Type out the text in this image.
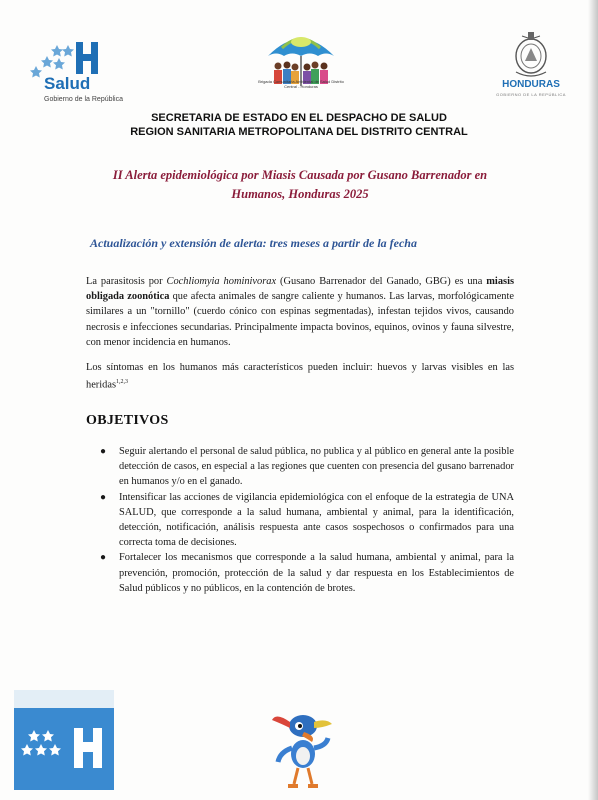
Salud
Gobierno de la República
Brigada Comunitaria Ambiental de Salud Distrito Central - Honduras	HONDURAS
GOBIERNO DE LA REPÚBLICA
SECRETARIA DE ESTADO EN EL DESPACHO DE SALUD
REGION SANITARIA METROPOLITANA DEL DISTRITO CENTRAL
II Alerta epidemiológica por Miasis Causada por Gusano Barrenador en
Humanos, Honduras 2025
Actualización y extensión de alerta: tres meses a partir de la fecha
La parasitosis por Cochliomyia hominivorax (Gusano Barrenador del Ganado, GBG) es una miasis obligada zoonótica que afecta animales de sangre caliente y humanos. Las larvas, morfológicamente similares a un "tornillo" (cuerdo cónico con espinas segmentadas), infestan tejidos vivos, causando necrosis e infecciones secundarias. Principalmente impacta bovinos, equinos, ovinos y fauna silvestre, con menor incidencia en humanos.
Los síntomas en los humanos más característicos pueden incluir: huevos y larvas visibles en las heridas$^{1,2,3}$
OBJETIVOS
● Seguir alertando el personal de salud pública, no publica y al público en general ante la posible detección de casos, en especial a las regiones que cuenten con presencia del gusano barrenador en humanos y/o en el ganado.
● Intensificar las acciones de vigilancia epidemiológica con el enfoque de la estrategia de UNA SALUD, que corresponde a la salud humana, ambiental y animal, para la identificación, detección, notificación, análisis respuesta ante casos sospechosos o confirmados para una correcta toma de decisiones.
● Fortalecer los mecanismos que corresponde a la salud humana, ambiental y animal, para la prevención, promoción, protección de la salud y dar respuesta en los Establecimientos de Salud públicos y no públicos, en la contención de brotes.
